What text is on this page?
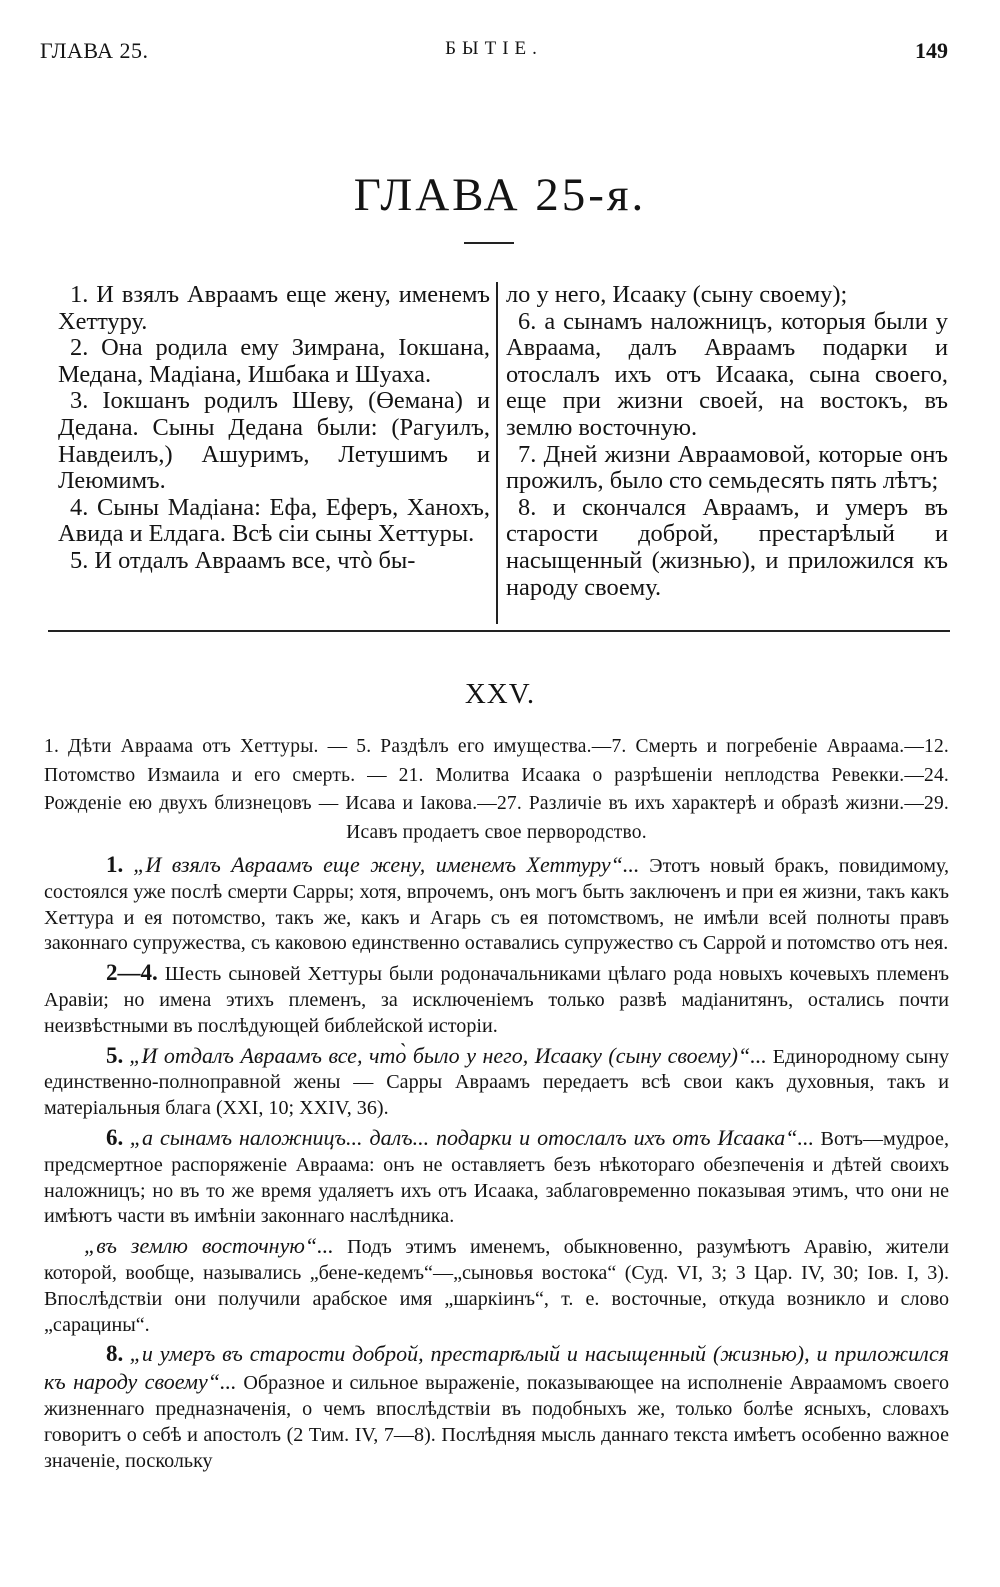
ГЛАВА 25.	БЫТIЕ.	149
ГЛАВА 25-я.

1. И взялъ Авраамъ еще жену, именемъ Хеттуру.

2. Она родила ему Зимрана, Iокшана, Медана, Мадiана, Ишбака и Шуаха.

3. Iокшанъ родилъ Шеву, (Өемана) и Дедана. Сыны Дедана были: (Рагуилъ, Навдеилъ,) Ашуримъ, Летушимъ и Леюмимъ.

4. Сыны Мадiана: Ефа, Еферъ, Ханохъ, Авида и Елдага. Всѣ сiи сыны Хеттуры.

5. И отдалъ Авраамъ все, чтò бы-

ло у него, Исааку (сыну своему);

6. а сынамъ наложницъ, которыя были у Авраама, далъ Авраамъ подарки и отослалъ ихъ отъ Исаака, сына своего, еще при жизни своей, на востокъ, въ землю восточную.

7. Дней жизни Авраамовой, которые онъ прожилъ, было сто семьдесять пять лѣтъ;

8. и скончался Авраамъ, и умеръ въ старости доброй, престарѣлый и насыщенный (жизнью), и приложился къ народу своему.

XXV.
1. Дѣти Авраама отъ Хеттуры. — 5. Раздѣлъ его имущества.—7. Смерть и погребенiе Авраама.—12. Потомство Измаила и его смерть. — 21. Молитва Исаака о разрѣшенiи неплодства Ревекки.—24. Рожденiе ею двухъ близнецовъ — Исава и Iакова.—27. Различiе въ ихъ характерѣ и образѣ жизни.—29. Исавъ продаетъ свое первородство.

1. „И взялъ Авраамъ еще жену, именемъ Хеттуру“... Этотъ новый бракъ, повидимому, состоялся уже послѣ смерти Сарры; хотя, впрочемъ, онъ могъ быть заключенъ и при ея жизни, такъ какъ Хеттура и ея потомство, такъ же, какъ и Агарь съ ея потомствомъ, не имѣли всей полноты правъ законнаго супружества, съ каковою единственно оставались супружество съ Саррой и потомство отъ нея.

2—4. Шесть сыновей Хеттуры были родоначальниками цѣлаго рода новыхъ кочевыхъ племенъ Аравiи; но имена этихъ племенъ, за исключенiемъ только развѣ мадiанитянъ, остались почти неизвѣстными въ послѣдующей библейской исторiи.

5. „И отдалъ Авраамъ все, что̀ было у него, Исааку (сыну своему)“... Единородному сыну единственно-полноправной жены — Сарры Авраамъ передаетъ всѣ свои какъ духовныя, такъ и матерiальныя блага (XXI, 10; XXIV, 36).

6. „а сынамъ наложницъ... далъ... подарки и отослалъ ихъ отъ Исаака“... Вотъ—мудрое, предсмертное распоряженiе Авраама: онъ не оставляетъ безъ нѣкотораго обезпеченiя и дѣтей своихъ наложницъ; но въ то же время удаляетъ ихъ отъ Исаака, заблаговременно показывая этимъ, что они не имѣютъ части въ имѣнiи законнаго наслѣдника.

„въ землю восточную“... Подъ этимъ именемъ, обыкновенно, разумѣютъ Аравiю, жители которой, вообще, назывались „бене-кедемъ“—„сыновья востока“ (Суд. VI, 3; 3 Цар. IV, 30; Iов. I, 3). Впослѣдствiи они получили арабское имя „шаркiинъ“, т. е. восточные, откуда возникло и слово „сарацины“.

8. „и умеръ въ старости доброй, престарѣлый и насыщенный (жизнью), и приложился къ народу своему“... Образное и сильное выраженiе, показывающее на исполненiе Авраамомъ своего жизненнаго предназначенiя, о чемъ впослѣдствiи въ подобныхъ же, только болѣе ясныхъ, словахъ говоритъ о себѣ и апостолъ (2 Тим. IV, 7—8). Послѣдняя мысль даннаго текста имѣетъ особенно важное значенiе, поскольку
